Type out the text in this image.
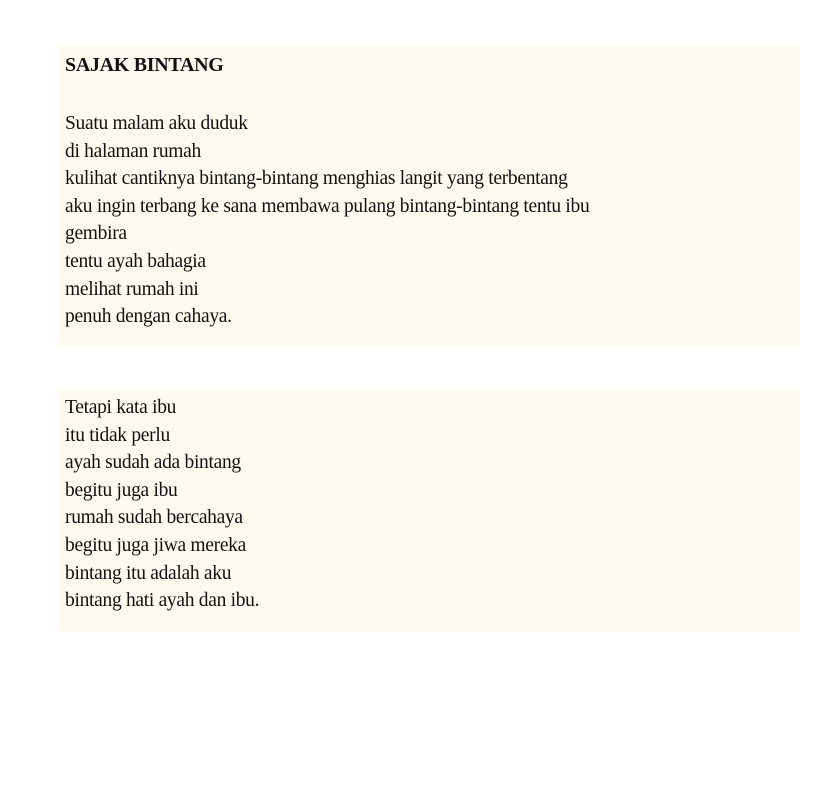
SAJAK BINTANG

Suatu malam aku duduk
di halaman rumah
kulihat cantiknya bintang-bintang menghias langit yang terbentang
aku ingin terbang ke sana membawa pulang bintang-bintang tentu ibu
gembira
tentu ayah bahagia
melihat rumah ini
penuh dengan cahaya.
Tetapi kata ibu
itu tidak perlu
ayah sudah ada bintang
begitu juga ibu
rumah sudah bercahaya
begitu juga jiwa mereka
bintang itu adalah aku
bintang hati ayah dan ibu.
